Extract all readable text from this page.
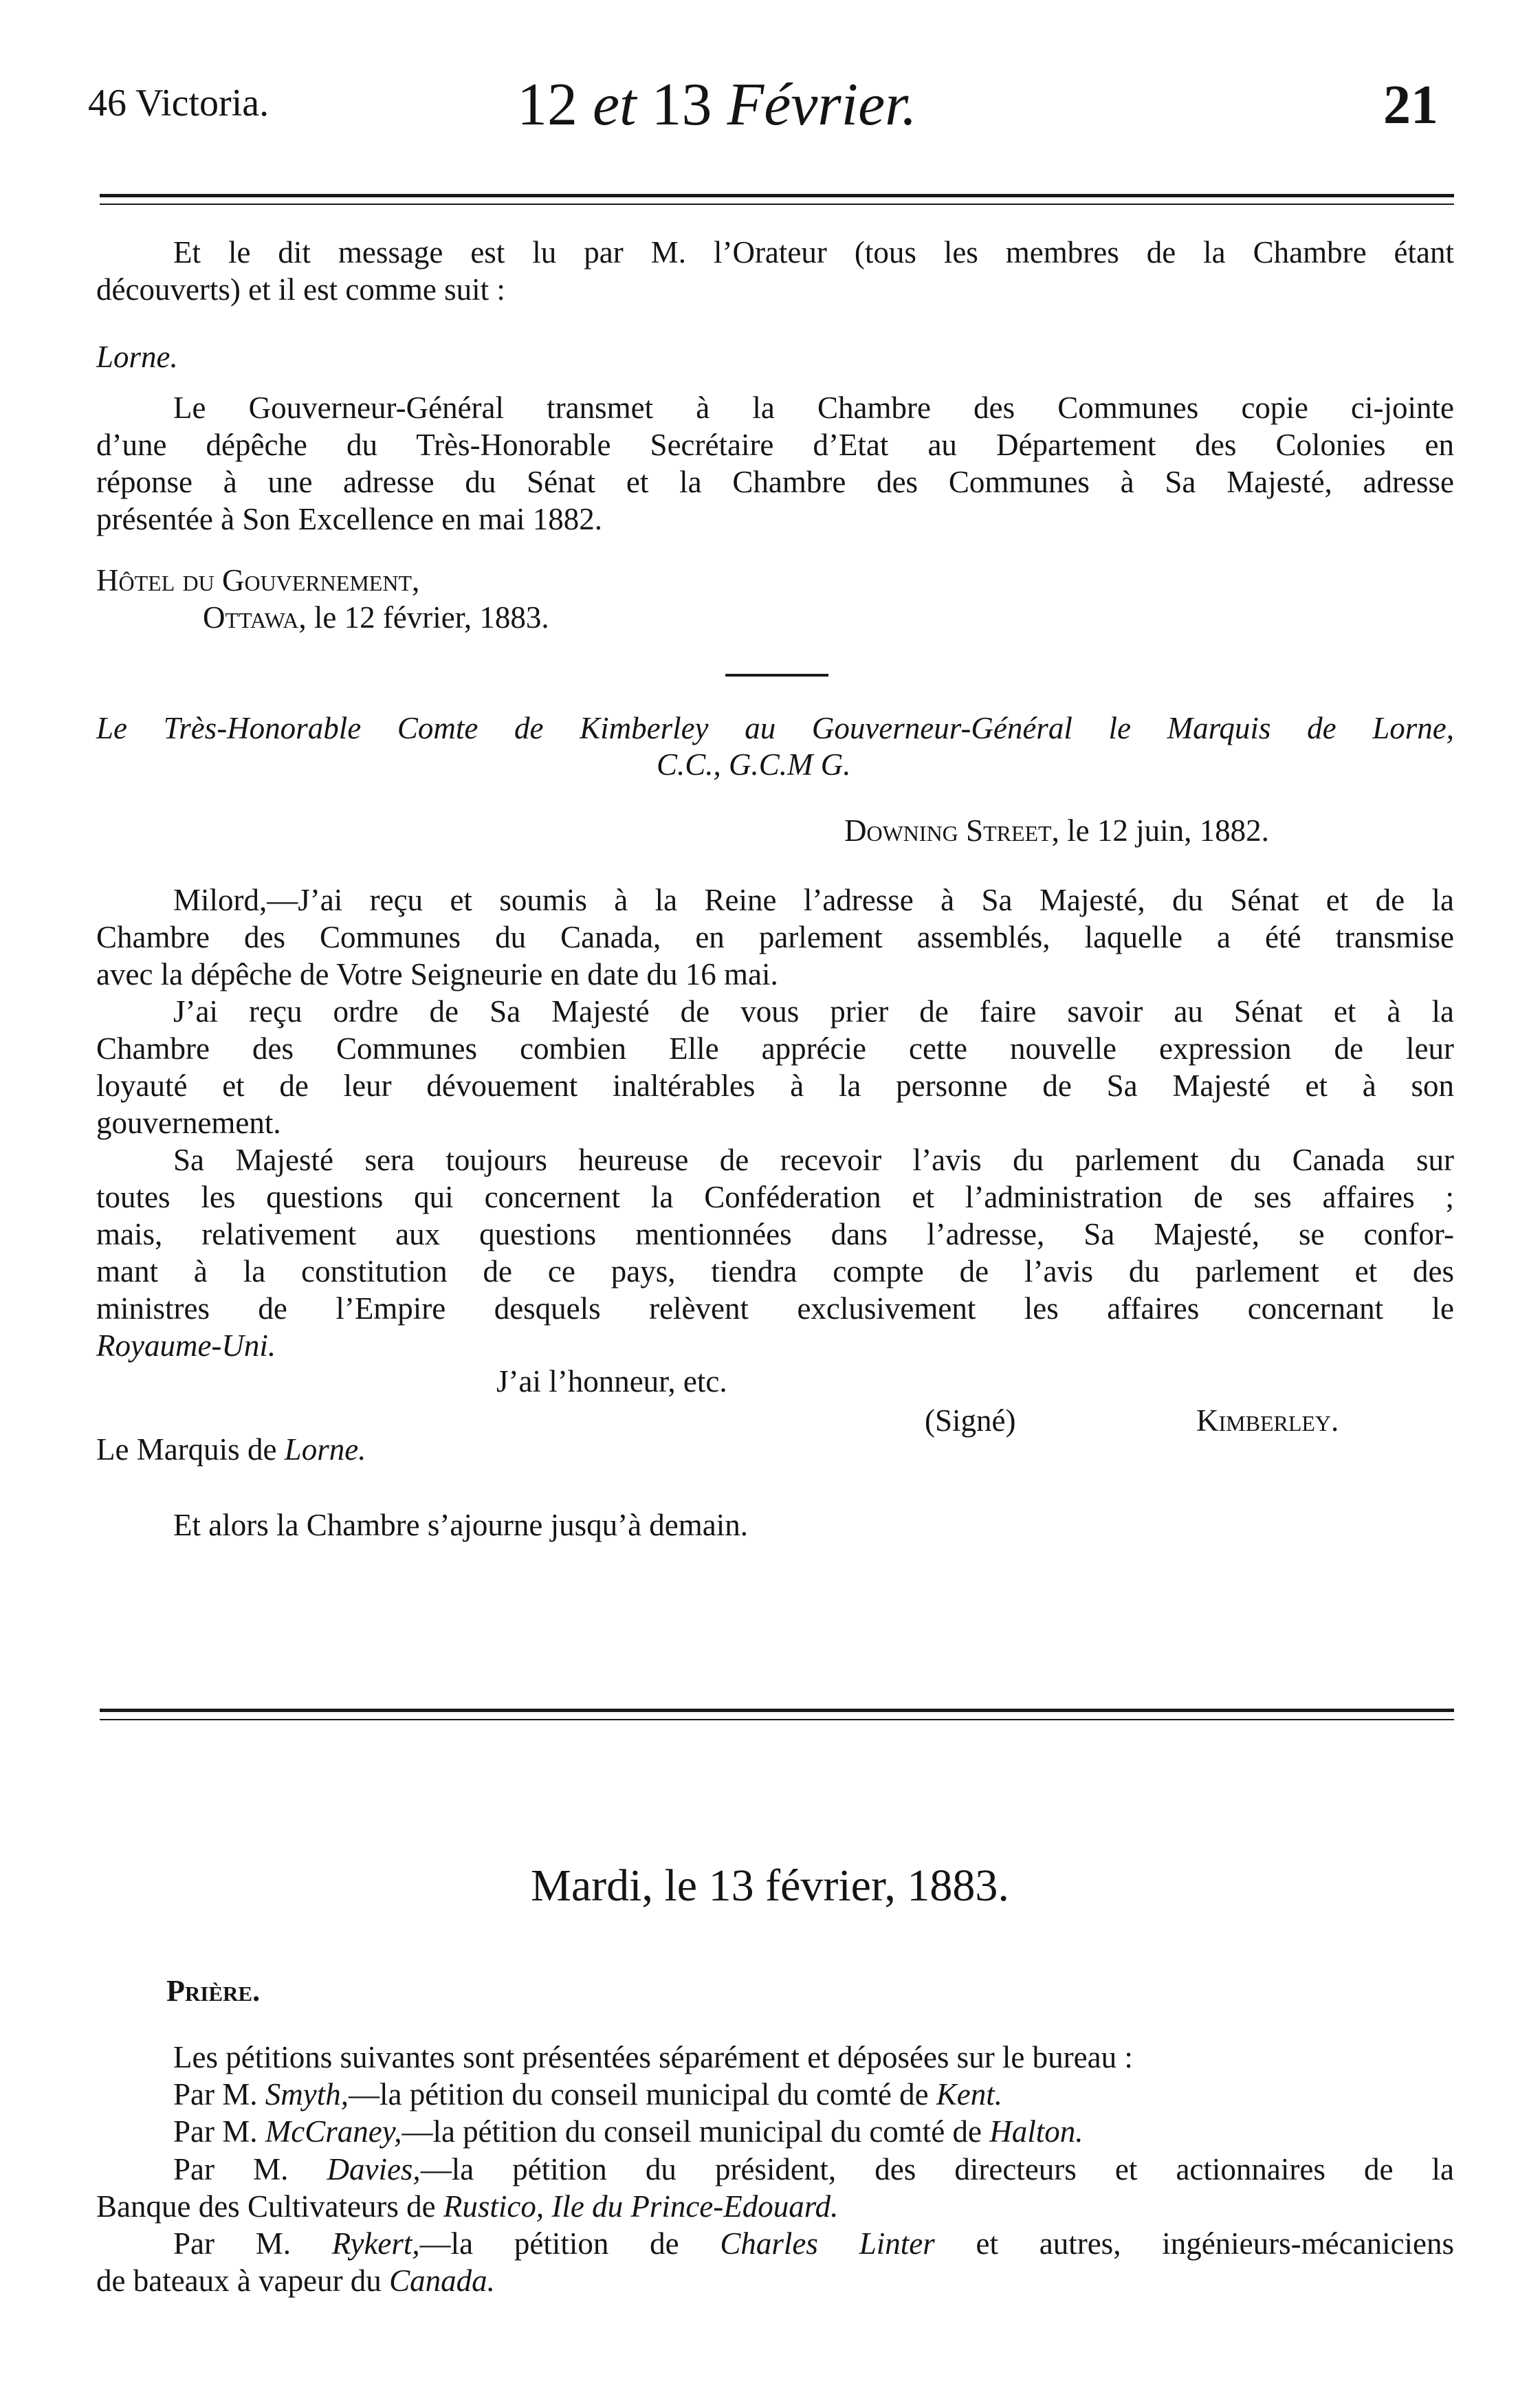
46 Victoria.	12 et 13 Février.	21
Et le dit message est lu par M. l’Orateur (tous les membres de la Chambre étant
découverts) et il est comme suit :
Lorne.
Le Gouverneur-Général transmet à la Chambre des Communes copie ci-jointe
d’une dépêche du Très-Honorable Secrétaire d’Etat au Département des Colonies en
réponse à une adresse du Sénat et la Chambre des Communes à Sa Majesté, adresse
présentée à Son Excellence en mai 1882.
Hôtel du Gouvernement,
Ottawa, le 12 février, 1883.
Le Très-Honorable Comte de Kimberley au Gouverneur-Général le Marquis de Lorne,
C.C., G.C.M G.
Downing Street, le 12 juin, 1882.
Milord,—J’ai reçu et soumis à la Reine l’adresse à Sa Majesté, du Sénat et de la
Chambre des Communes du Canada, en parlement assemblés, laquelle a été transmise
avec la dépêche de Votre Seigneurie en date du 16 mai.
J’ai reçu ordre de Sa Majesté de vous prier de faire savoir au Sénat et à la
Chambre des Communes combien Elle apprécie cette nouvelle expression de leur
loyauté et de leur dévouement inaltérables à la personne de Sa Majesté et à son
gouvernement.
Sa Majesté sera toujours heureuse de recevoir l’avis du parlement du Canada sur
toutes les questions qui concernent la Conféderation et l’administration de ses affaires ;
mais, relativement aux questions mentionnées dans l’adresse, Sa Majesté, se confor-
mant à la constitution de ce pays, tiendra compte de l’avis du parlement et des
ministres de l’Empire desquels relèvent exclusivement les affaires concernant le
Royaume-Uni.
J’ai l’honneur, etc.
(Signé)	Kimberley.
Le Marquis de Lorne.
Et alors la Chambre s’ajourne jusqu’à demain.
Mardi, le 13 février, 1883.
Prière.
Les pétitions suivantes sont présentées séparément et déposées sur le bureau :
Par M. Smyth,—la pétition du conseil municipal du comté de Kent.
Par M. McCraney,—la pétition du conseil municipal du comté de Halton.
Par M. Davies,—la pétition du président, des directeurs et actionnaires de la
Banque des Cultivateurs de Rustico, Ile du Prince-Edouard.
Par M. Rykert,—la pétition de Charles Linter et autres, ingénieurs-mécaniciens
de bateaux à vapeur du Canada.
